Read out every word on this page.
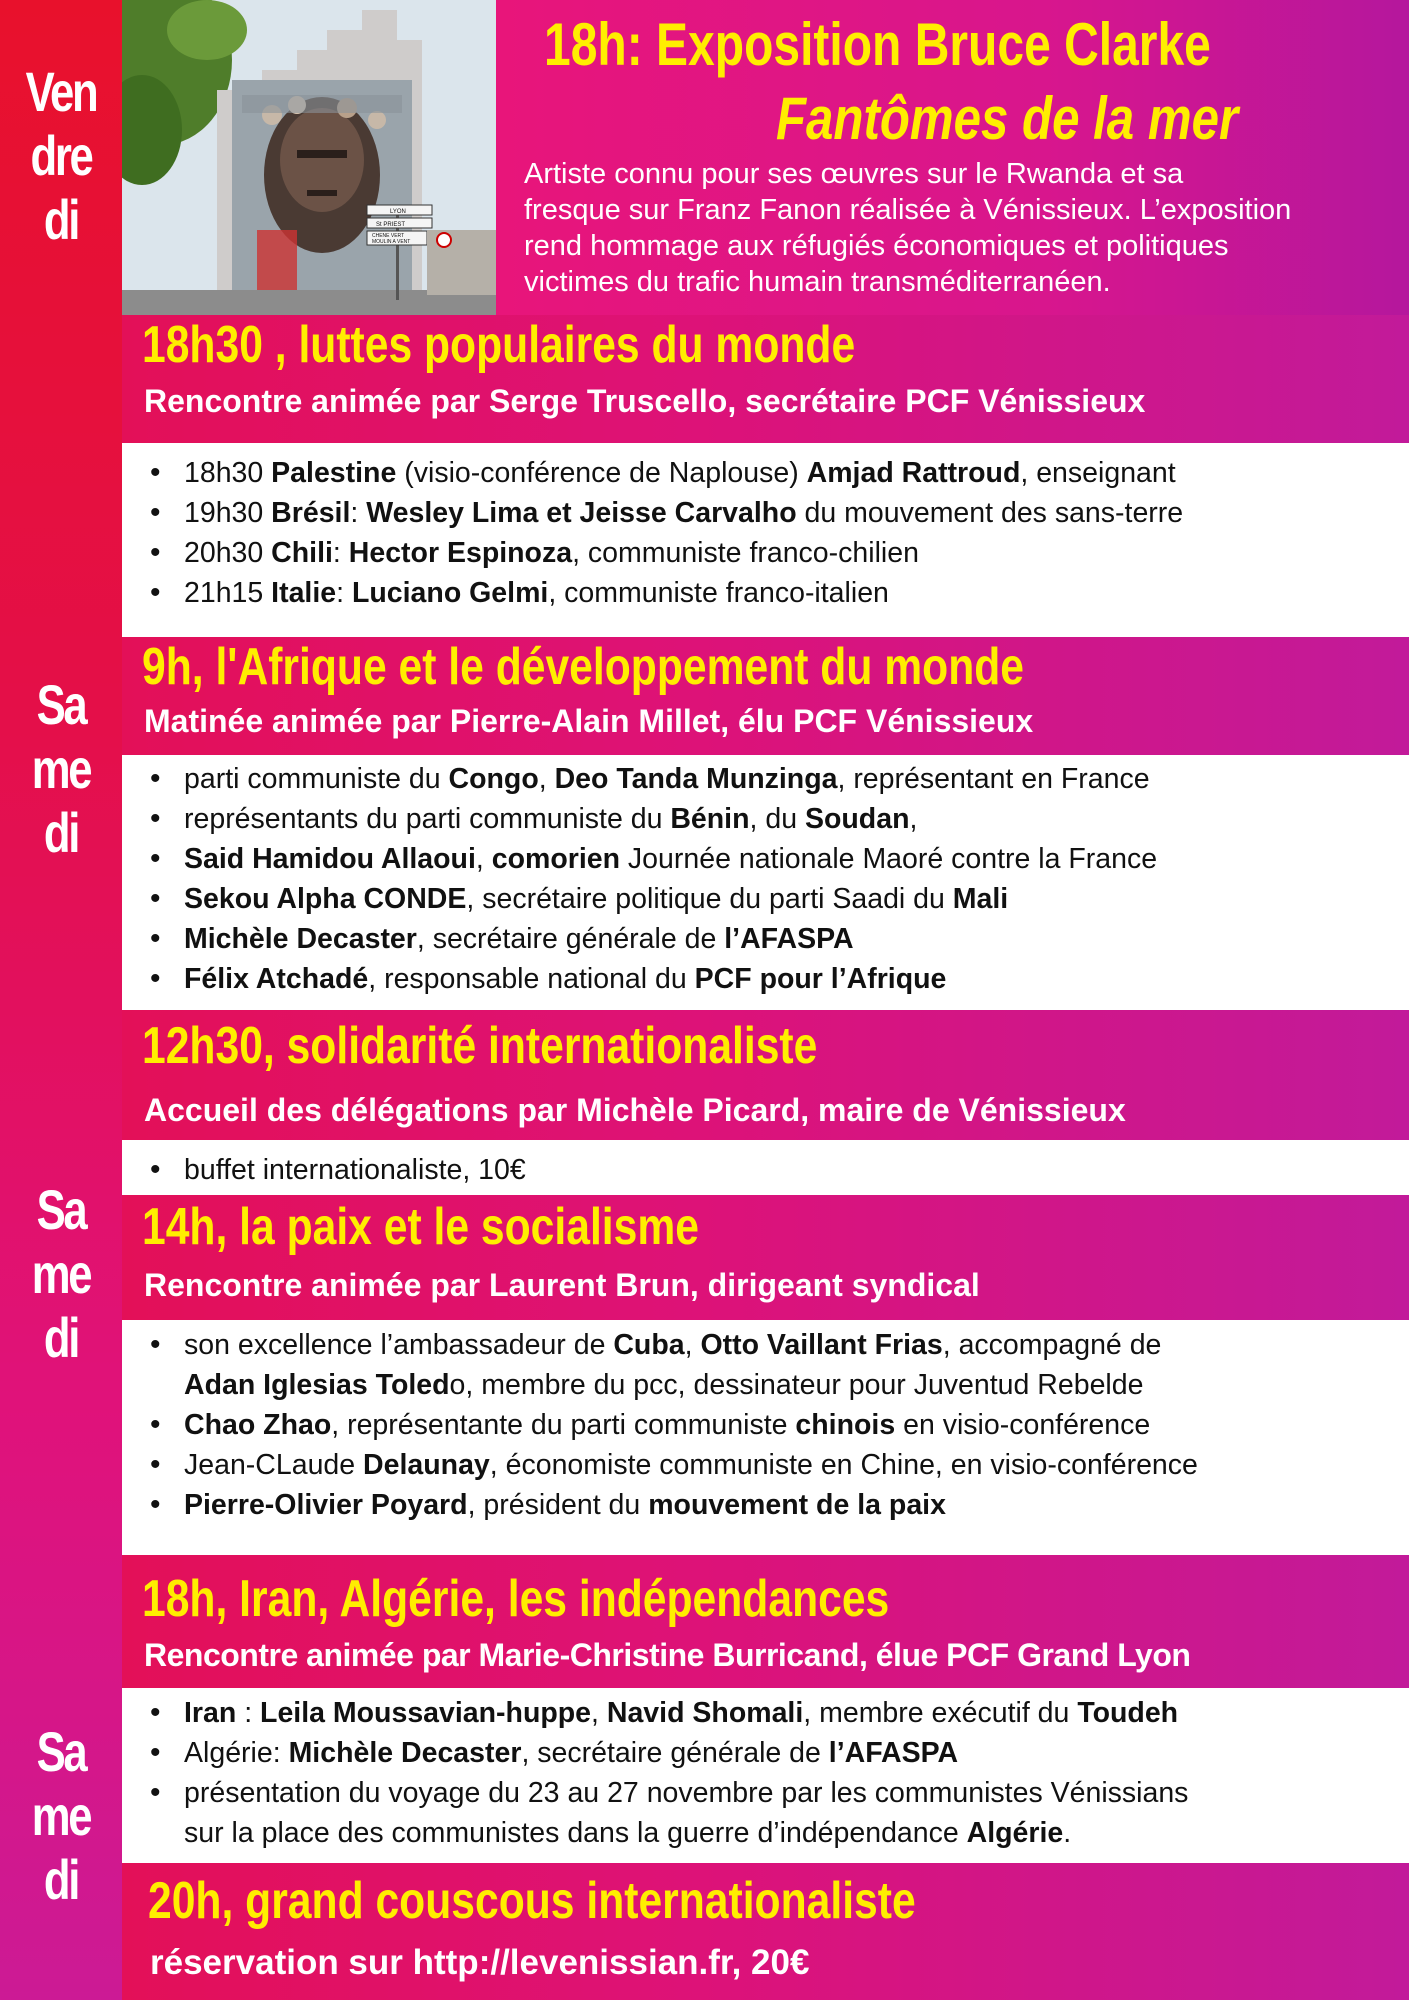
Ven
dre
di
Sa
me
di
Sa
me
di
Sa
me
di
LYON
St PRIEST
CHENE VERT
MOULIN A VENT
18h: Exposition Bruce Clarke
Fantômes de la mer
Artiste connu pour ses œuvres sur le Rwanda et sa
fresque sur Franz Fanon réalisée à Vénissieux. L’exposition
rend hommage aux réfugiés économiques et politiques
victimes du trafic humain transméditerranéen.
18h30 , luttes populaires du monde
Rencontre animée par Serge Truscello, secrétaire PCF Vénissieux
• 18h30 Palestine (visio-conférence de Naplouse) Amjad Rattroud, enseignant
• 19h30 Brésil: Wesley Lima et Jeisse Carvalho du mouvement des sans-terre
• 20h30 Chili: Hector Espinoza, communiste franco-chilien
• 21h15 Italie: Luciano Gelmi, communiste franco-italien
9h, l'Afrique et le développement du monde
Matinée animée par Pierre-Alain Millet, élu PCF Vénissieux
• parti communiste du Congo, Deo Tanda Munzinga, représentant en France
• représentants du parti communiste du Bénin, du Soudan,
• Said Hamidou Allaoui, comorien Journée nationale Maoré contre la France
• Sekou Alpha CONDE, secrétaire politique du parti Saadi du Mali
• Michèle Decaster, secrétaire générale de l’AFASPA
• Félix Atchadé, responsable national du PCF pour l’Afrique
12h30, solidarité internationaliste
Accueil des délégations par Michèle Picard, maire de Vénissieux
• buffet internationaliste, 10€
14h, la paix et le socialisme
Rencontre animée par Laurent Brun, dirigeant syndical
• son excellence l’ambassadeur de Cuba, Otto Vaillant Frias, accompagné de
Adan Iglesias Toledo, membre du pcc, dessinateur pour Juventud Rebelde
• Chao Zhao, représentante du parti communiste chinois en visio-conférence
• Jean-CLaude Delaunay, économiste communiste en Chine, en visio-conférence
• Pierre-Olivier Poyard, président du mouvement de la paix
18h, Iran, Algérie, les indépendances
Rencontre animée par Marie-Christine Burricand, élue PCF Grand Lyon
• Iran : Leila Moussavian-huppe, Navid Shomali, membre exécutif du Toudeh
• Algérie: Michèle Decaster, secrétaire générale de l’AFASPA
• présentation du voyage du 23 au 27 novembre par les communistes Vénissians
sur la place des communistes dans la guerre d’indépendance Algérie.
20h, grand couscous internationaliste
réservation sur http://levenissian.fr, 20€
